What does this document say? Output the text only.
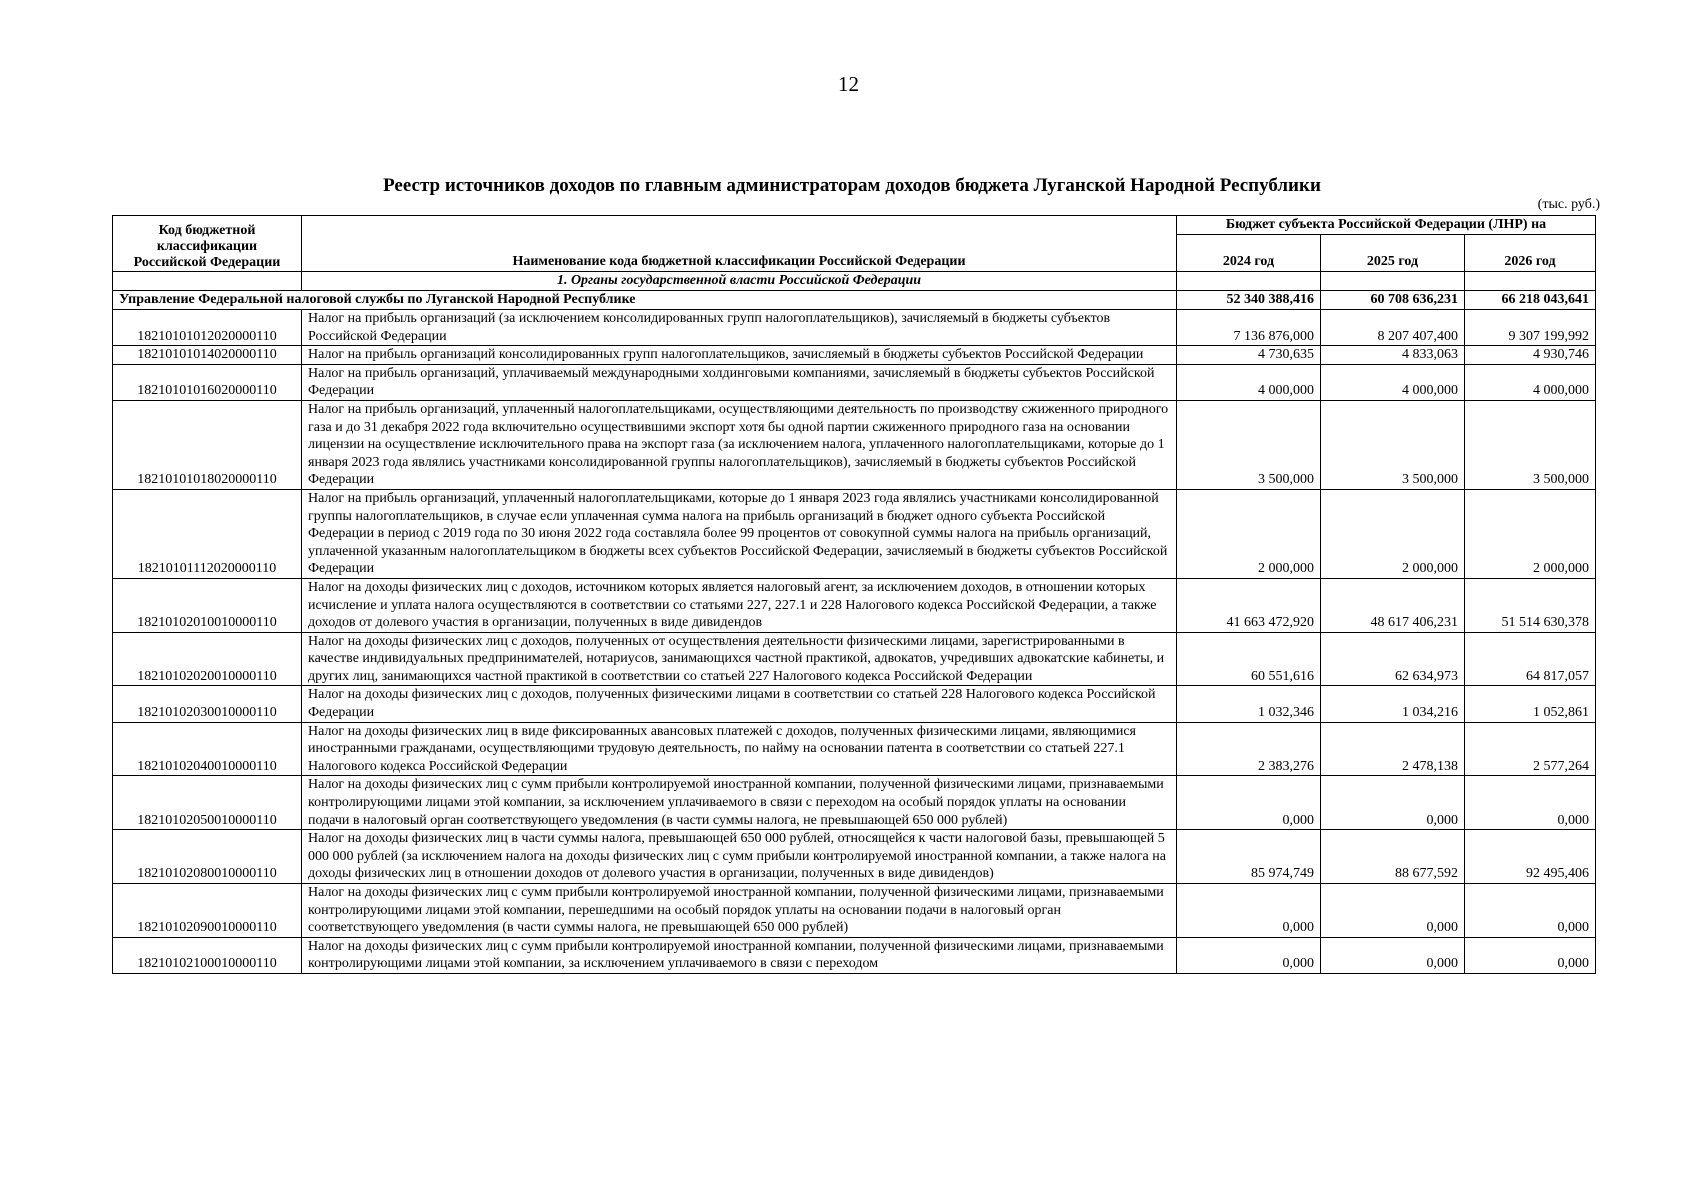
12
Реестр источников доходов по главным администраторам доходов бюджета Луганской Народной Республики
(тыс. руб.)
Код бюджетной классификации Российской Федерации	Наименование кода бюджетной классификации Российской Федерации	Бюджет субъекта Российской Федерации (ЛНР) на		
		2024 год	2025 год	2026 год
	1. Органы государственной власти Российской Федерации			
Управление Федеральной налоговой службы по Луганской Народной Республике		52 340 388,416	60 708 636,231	66 218 043,641
18210101012020000110	Налог на прибыль организаций (за исключением консолидированных групп налогоплательщиков), зачисляемый в бюджеты субъектов Российской Федерации	7 136 876,000	8 207 407,400	9 307 199,992
18210101014020000110	Налог на прибыль организаций консолидированных групп налогоплательщиков, зачисляемый в бюджеты субъектов Российской Федерации	4 730,635	4 833,063	4 930,746
18210101016020000110	Налог на прибыль организаций, уплачиваемый международными холдинговыми компаниями, зачисляемый в бюджеты субъектов Российской Федерации	4 000,000	4 000,000	4 000,000
18210101018020000110	Налог на прибыль организаций, уплаченный налогоплательщиками, осуществляющими деятельность по производству сжиженного природного газа и до 31 декабря 2022 года включительно осуществившими экспорт хотя бы одной партии сжиженного природного газа на основании лицензии на осуществление исключительного права на экспорт газа (за исключением налога, уплаченного налогоплательщиками, которые до 1 января 2023 года являлись участниками консолидированной группы налогоплательщиков), зачисляемый в бюджеты субъектов Российской Федерации	3 500,000	3 500,000	3 500,000
18210101112020000110	Налог на прибыль организаций, уплаченный налогоплательщиками, которые до 1 января 2023 года являлись участниками консолидированной группы налогоплательщиков, в случае если уплаченная сумма налога на прибыль организаций в бюджет одного субъекта Российской Федерации в период с 2019 года по 30 июня 2022 года составляла более 99 процентов от совокупной суммы налога на прибыль организаций, уплаченной указанным налогоплательщиком в бюджеты всех субъектов Российской Федерации, зачисляемый в бюджеты субъектов Российской Федерации	2 000,000	2 000,000	2 000,000
18210102010010000110	Налог на доходы физических лиц с доходов, источником которых является налоговый агент, за исключением доходов, в отношении которых исчисление и уплата налога осуществляются в соответствии со статьями 227, 227.1 и 228 Налогового кодекса Российской Федерации, а также доходов от долевого участия в организации, полученных в виде дивидендов	41 663 472,920	48 617 406,231	51 514 630,378
18210102020010000110	Налог на доходы физических лиц с доходов, полученных от осуществления деятельности физическими лицами, зарегистрированными в качестве индивидуальных предпринимателей, нотариусов, занимающихся частной практикой, адвокатов, учредивших адвокатские кабинеты, и других лиц, занимающихся частной практикой в соответствии со статьей 227 Налогового кодекса Российской Федерации	60 551,616	62 634,973	64 817,057
18210102030010000110	Налог на доходы физических лиц с доходов, полученных физическими лицами в соответствии со статьей 228 Налогового кодекса Российской Федерации	1 032,346	1 034,216	1 052,861
18210102040010000110	Налог на доходы физических лиц в виде фиксированных авансовых платежей с доходов, полученных физическими лицами, являющимися иностранными гражданами, осуществляющими трудовую деятельность, по найму на основании патента в соответствии со статьей 227.1 Налогового кодекса Российской Федерации	2 383,276	2 478,138	2 577,264
18210102050010000110	Налог на доходы физических лиц с сумм прибыли контролируемой иностранной компании, полученной физическими лицами, признаваемыми контролирующими лицами этой компании, за исключением уплачиваемого в связи с переходом на особый порядок уплаты на основании подачи в налоговый орган соответствующего уведомления (в части суммы налога, не превышающей 650 000 рублей)	0,000	0,000	0,000
18210102080010000110	Налог на доходы физических лиц в части суммы налога, превышающей 650 000 рублей, относящейся к части налоговой базы, превышающей 5 000 000 рублей (за исключением налога на доходы физических лиц с сумм прибыли контролируемой иностранной компании, а также налога на доходы физических лиц в отношении доходов от долевого участия в организации, полученных в виде дивидендов)	85 974,749	88 677,592	92 495,406
18210102090010000110	Налог на доходы физических лиц с сумм прибыли контролируемой иностранной компании, полученной физическими лицами, признаваемыми контролирующими лицами этой компании, перешедшими на особый порядок уплаты на основании подачи в налоговый орган соответствующего уведомления (в части суммы налога, не превышающей 650 000 рублей)	0,000	0,000	0,000
18210102100010000110	Налог на доходы физических лиц с сумм прибыли контролируемой иностранной компании, полученной физическими лицами, признаваемыми контролирующими лицами этой компании, за исключением уплачиваемого в связи с переходом	0,000	0,000	0,000
